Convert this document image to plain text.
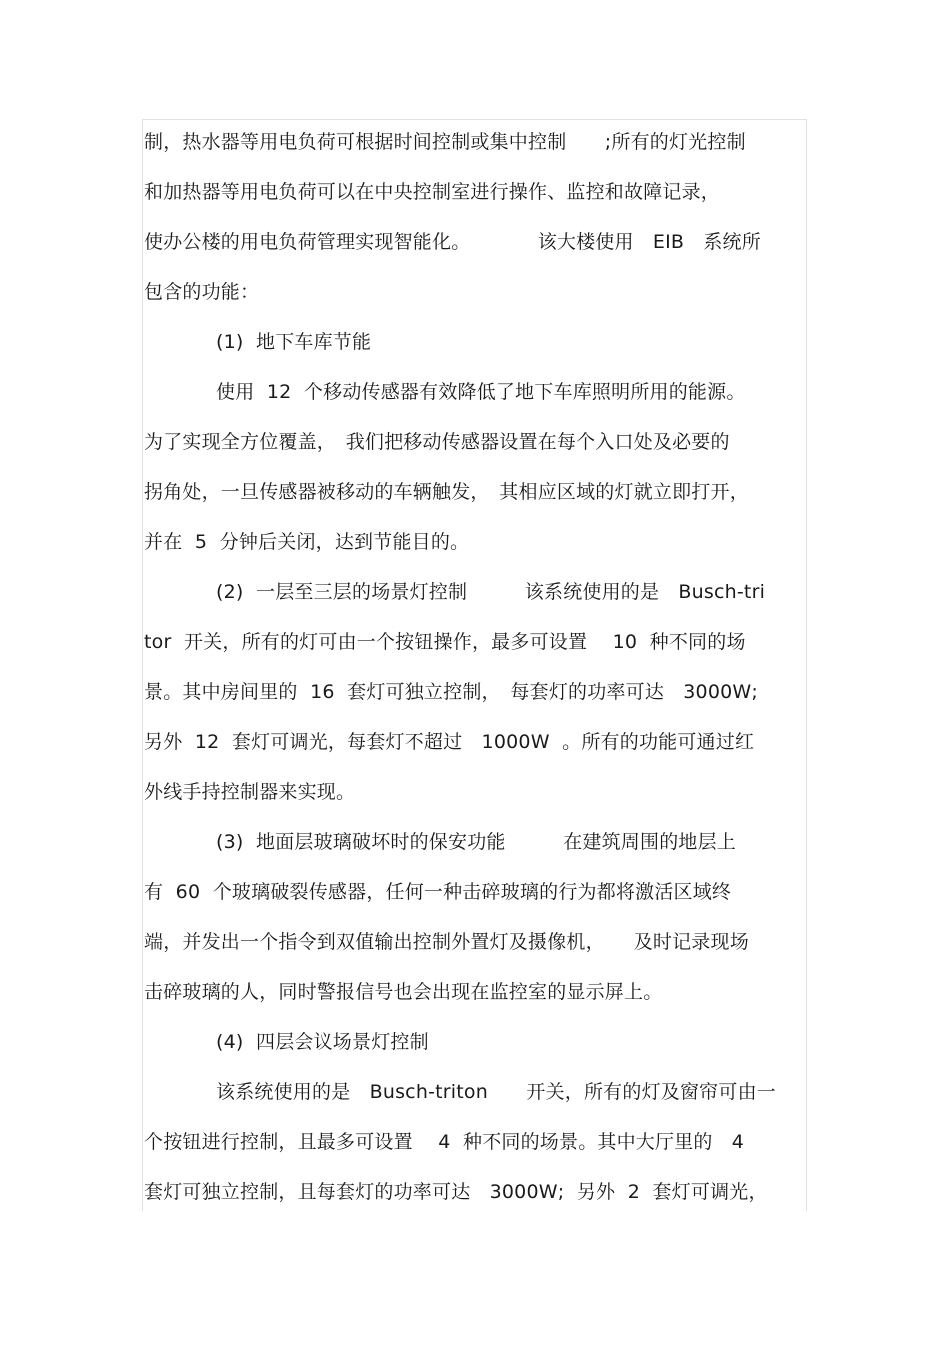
制，热水器等用电负荷可根据时间控制或集中控制　　;所有的灯光控制
和加热器等用电负荷可以在中央控制室进行操作、监控和故障记录，
使办公楼的用电负荷管理实现智能化。　　　　该大楼使用　EIB　系统所
包含的功能：
(1)  地下车库节能
使用  12  个移动传感器有效降低了地下车库照明所用的能源。
为了实现全方位覆盖，　我们把移动传感器设置在每个入口处及必要的
拐角处，一旦传感器被移动的车辆触发，　其相应区域的灯就立即打开，
并在  5  分钟后关闭，达到节能目的。
(2)  一层至三层的场景灯控制　　　该系统使用的是　Busch-tri
tor  开关，所有的灯可由一个按钮操作，最多可设置　 10  种不同的场
景。其中房间里的  16  套灯可独立控制，　每套灯的功率可达　3000W;
另外  12  套灯可调光，每套灯不超过　1000W  。所有的功能可通过红
外线手持控制器来实现。
(3)  地面层玻璃破坏时的保安功能　　　在建筑周围的地层上
有  60  个玻璃破裂传感器，任何一种击碎玻璃的行为都将激活区域终
端，并发出一个指令到双值输出控制外置灯及摄像机，　　及时记录现场
击碎玻璃的人，同时警报信号也会出现在监控室的显示屏上。
(4)  四层会议场景灯控制
该系统使用的是　Busch-triton　　开关，所有的灯及窗帘可由一
个按钮进行控制，且最多可设置　 4  种不同的场景。其中大厅里的　4
套灯可独立控制，且每套灯的功率可达　3000W;  另外  2  套灯可调光，
